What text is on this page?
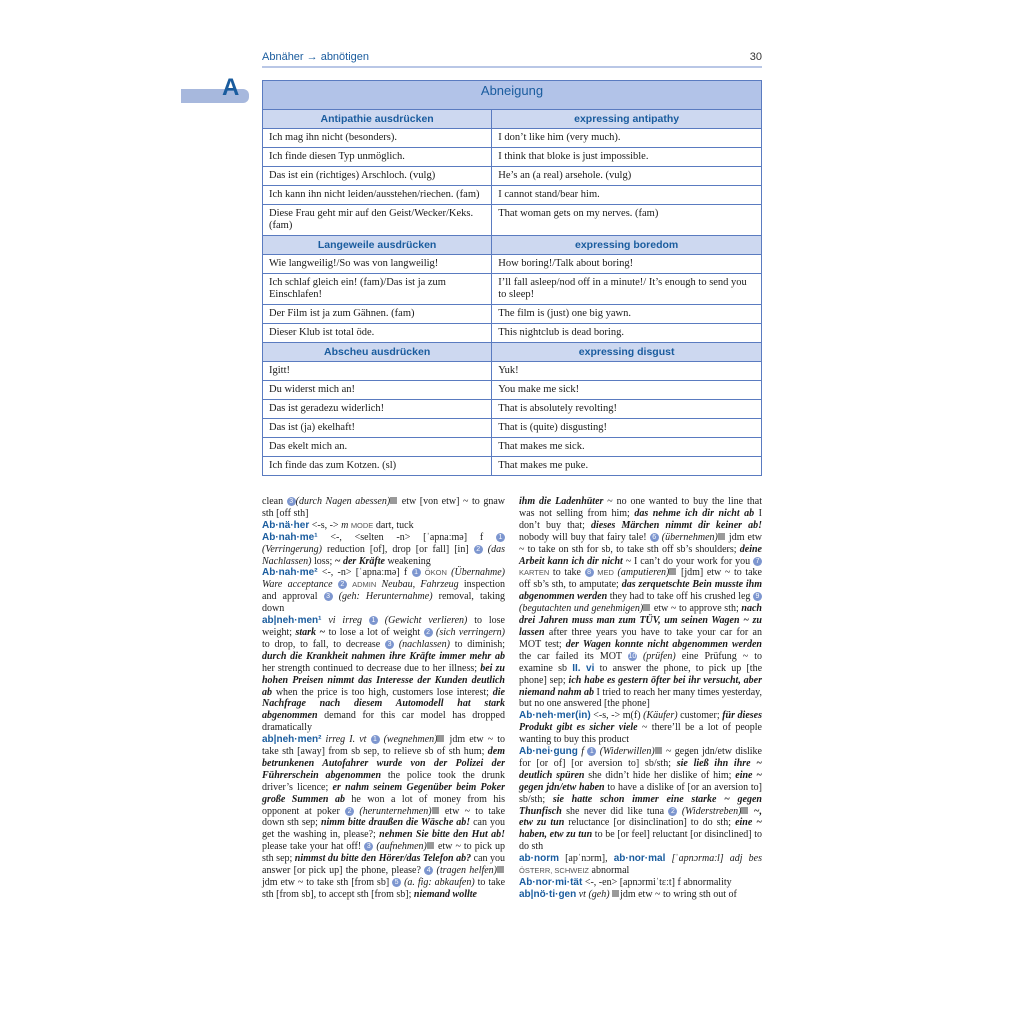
Abnäher → abnötigen	30
A	Abneigung	
Antipathie ausdrücken	expressing antipathy
Ich mag ihn nicht (besonders).	I don’t like him (very much).
Ich finde diesen Typ unmöglich.	I think that bloke is just impossible.
Das ist ein (richtiges) Arschloch. (vulg)	He’s an (a real) arsehole. (vulg)
Ich kann ihn nicht leiden/ausstehen/riechen. (fam)	I cannot stand/bear him.
Diese Frau geht mir auf den Geist/Wecker/Keks. (fam)	That woman gets on my nerves. (fam)
Langeweile ausdrücken	expressing boredom
Wie langweilig!/So was von langweilig!	How boring!/Talk about boring!
Ich schlaf gleich ein! (fam)/Das ist ja zum Einschlafen!	I’ll fall asleep/nod off in a minute!/ It’s enough to send you to sleep!
Der Film ist ja zum Gähnen. (fam)	The film is (just) one big yawn.
Dieser Klub ist total öde.	This nightclub is dead boring.
Abscheu ausdrücken	expressing disgust
Igitt!	Yuk!
Du widerst mich an!	You make me sick!
Das ist geradezu widerlich!	That is absolutely revolting!
Das ist (ja) ekelhaft!	That is (quite) disgusting!
Das ekelt mich an.	That makes me sick.
Ich finde das zum Kotzen. (sl)	That makes me puke.

clean 3 (durch Nagen abessen) etw [von etw] ~ to gnaw sth [off sth]

Ab·nä·her <-s, -> m MODE dart, tuck

Ab·nah·me¹ <-, <selten -n> [ˈapnaːmə] f 1 (Verringerung) reduction [of], drop [or fall] [in] 2 (das Nachlassen) loss; ~ der Kräfte weakening

Ab·nah·me² <-, -n> [ˈapnaːmə] f 1 ÖKON (Übernahme) Ware acceptance 2 ADMIN Neubau, Fahrzeug inspection and approval 3 (geh: Herunternahme) removal, taking down

ab|neh·men¹ vi irreg 1 (Gewicht verlieren) to lose weight; stark ~ to lose a lot of weight 2 (sich verringern) to drop, to fall, to decrease 3 (nachlassen) to diminish; durch die Krankheit nahmen ihre Kräfte immer mehr ab her strength continued to decrease due to her illness; bei zu hohen Preisen nimmt das Interesse der Kunden deutlich ab when the price is too high, customers lose interest; die Nachfrage nach diesem Automodell hat stark abgenommen demand for this car model has dropped dramatically

ab|neh·men² irreg I. vt 1 (wegnehmen) jdm etw ~ to take sth [away] from sb sep, to relieve sb of sth hum; dem betrunkenen Autofahrer wurde von der Polizei der Führerschein abgenommen the police took the drunk driver’s licence; er nahm seinem Gegenüber beim Poker große Summen ab he won a lot of money from his opponent at poker 2 (herunternehmen) etw ~ to take down sth sep; nimm bitte draußen die Wäsche ab! can you get the washing in, please?; nehmen Sie bitte den Hut ab! please take your hat off! 3 (aufnehmen) etw ~ to pick up sth sep; nimmst du bitte den Hörer/das Telefon ab? can you answer [or pick up] the phone, please? 4 (tragen helfen) jdm etw ~ to take sth [from sb] 5 (a. fig: abkaufen) to take sth [from sb], to accept sth [from sb]; niemand wollte

ihm die Ladenhüter ~ no one wanted to buy the line that was not selling from him; das nehme ich dir nicht ab I don’t buy that; dieses Märchen nimmt dir keiner ab! nobody will buy that fairy tale! 6 (übernehmen) jdm etw ~ to take on sth for sb, to take sth off sb’s shoulders; deine Arbeit kann ich dir nicht ~ I can’t do your work for you 7 KARTEN to take 8 MED (amputieren) [jdm] etw ~ to take off sb’s sth, to amputate; das zerquetschte Bein musste ihm abgenommen werden they had to take off his crushed leg 9 (begutachten und genehmigen) etw ~ to approve sth; nach drei Jahren muss man zum TÜV, um seinen Wagen ~ zu lassen after three years you have to take your car for an MOT test; der Wagen konnte nicht abgenommen werden the car failed its MOT 10 (prüfen) eine Prüfung ~ to examine sb II. vi to answer the phone, to pick up [the phone] sep; ich habe es gestern öfter bei ihr versucht, aber niemand nahm ab I tried to reach her many times yesterday, but no one answered [the phone]

Ab·neh·mer(in) <-s, -> m(f) (Käufer) customer; für dieses Produkt gibt es sicher viele ~ there’ll be a lot of people wanting to buy this product

Ab·nei·gung f 1 (Widerwillen) ~ gegen jdn/etw dislike for [or of] [or aversion to] sb/sth; sie ließ ihn ihre ~ deutlich spüren she didn’t hide her dislike of him; eine ~ gegen jdn/etw haben to have a dislike of [or an aversion to] sb/sth; sie hatte schon immer eine starke ~ gegen Thunfisch she never did like tuna 2 (Widerstreben) ~, etw zu tun reluctance [or disinclination] to do sth; eine ~ haben, etw zu tun to be [or feel] reluctant [or disinclined] to do sth

ab·norm [apˈnɔrm], ab·nor·mal [ˈapnɔrmaːl] adj bes ÖSTERR, SCHWEIZ abnormal

Ab·nor·mi·tät <-, -en> [apnɔrmiˈtɛːt] f abnormality

ab|nö·ti·gen vt (geh) jdm etw ~ to wring sth out of
